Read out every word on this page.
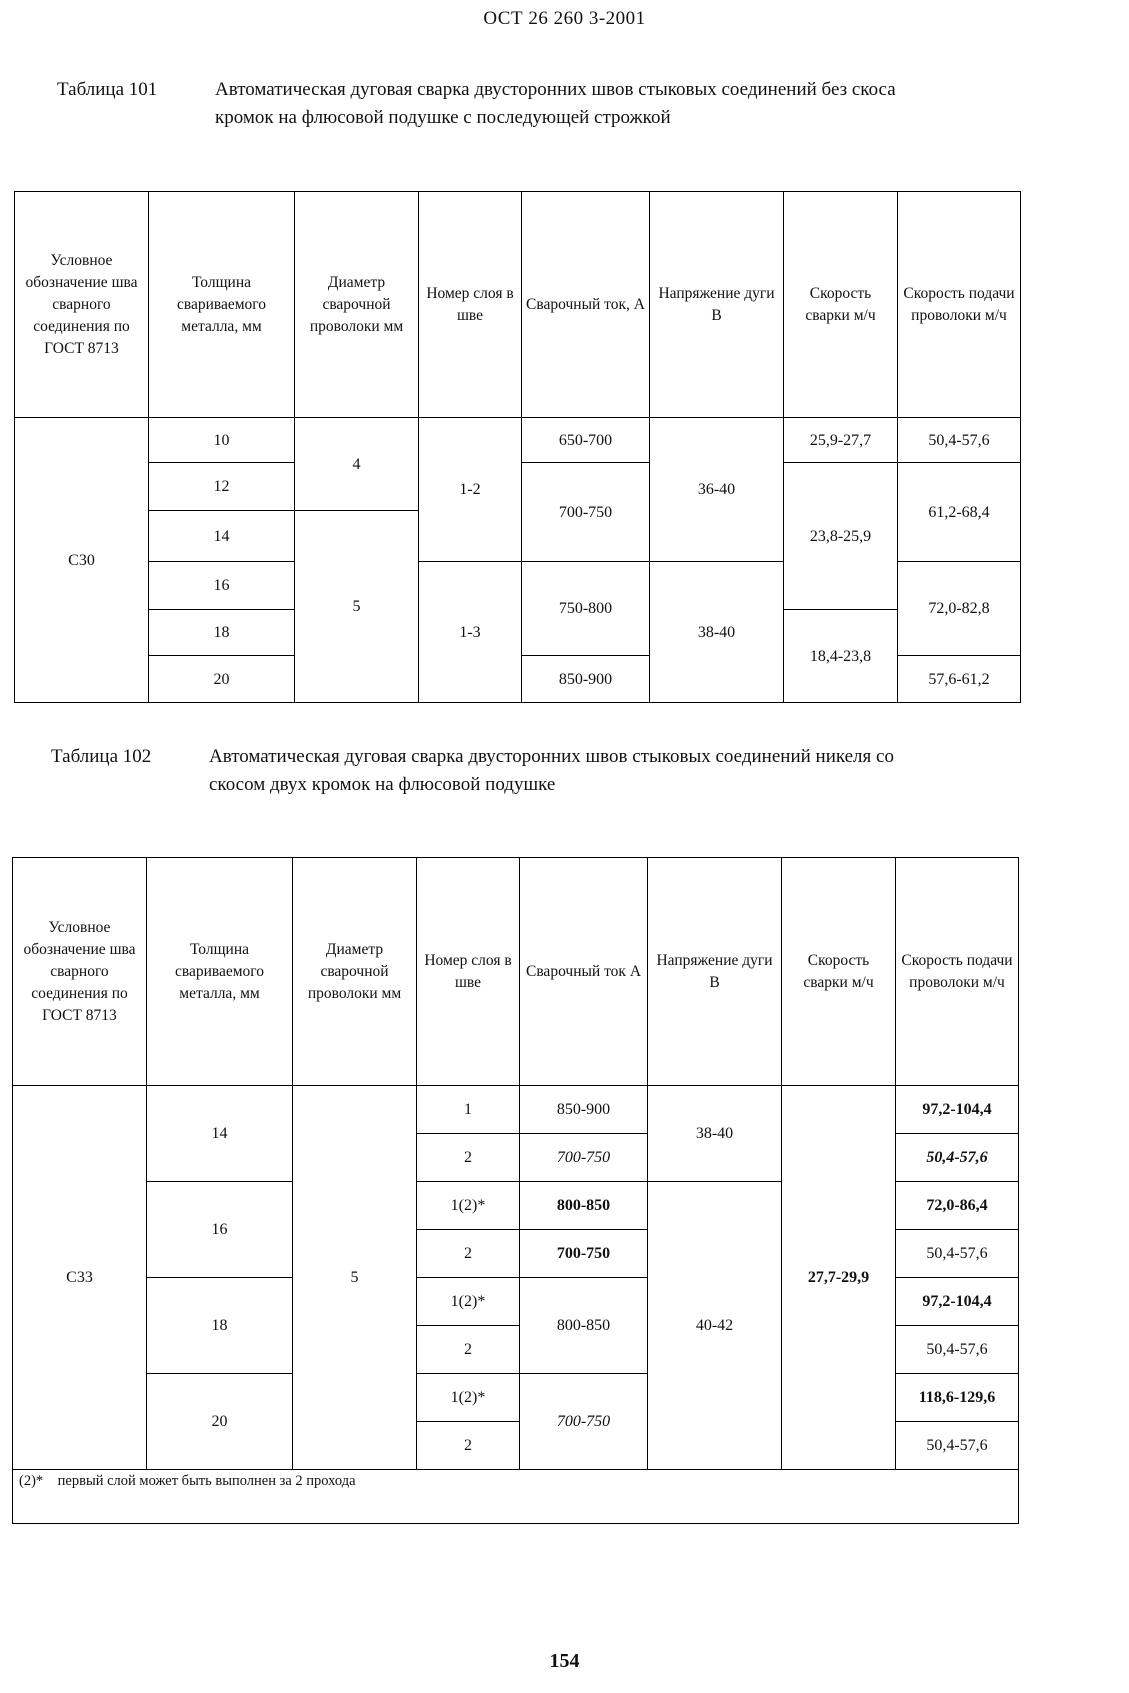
ОСТ 26 260 3-2001
Таблица 101	Автоматическая дуговая сварка двусторонних швов стыковых соединений без скоса кромок на флюсовой подушке с последующей строжкой
Условное обозначение шва сварного соединения по ГОСТ 8713	Толщина свариваемого металла, мм	Диаметр сварочной проволоки мм	Номер слоя в шве	Сварочный ток, А	Напряжение дуги В	Скорость сварки м/ч	Скорость подачи проволоки м/ч
С30	10	4	1-2	650-700	36-40	25,9-27,7	50,4-57,6

	12			700-750		23,8-25,9	61,2-68,4

	14	5					

	16		1-3	750-800	38-40		72,0-82,8

	18					18,4-23,8	

	20			850-900			57,6-61,2

Таблица 102	Автоматическая дуговая сварка двусторонних швов стыковых соединений никеля со скосом двух кромок на флюсовой подушке
Условное обозначение шва сварного соединения по ГОСТ 8713	Толщина свариваемого металла, мм	Диаметр сварочной проволоки мм	Номер слоя в шве	Сварочный ток А	Напряжение дуги В	Скорость сварки м/ч	Скорость подачи проволоки м/ч
С33	14	5	1	850-900	38-40	27,7-29,9	97,2-104,4
			2	700-750			50,4-57,6
	16		1(2)*	800-850	40-42		72,0-86,4
			2	700-750			50,4-57,6
	18		1(2)*	800-850			97,2-104,4
			2				50,4-57,6
	20		1(2)*	700-750			118,6-129,6
			2				50,4-57,6
(2)* первый слой может быть выполнен за 2 прохода							
154
